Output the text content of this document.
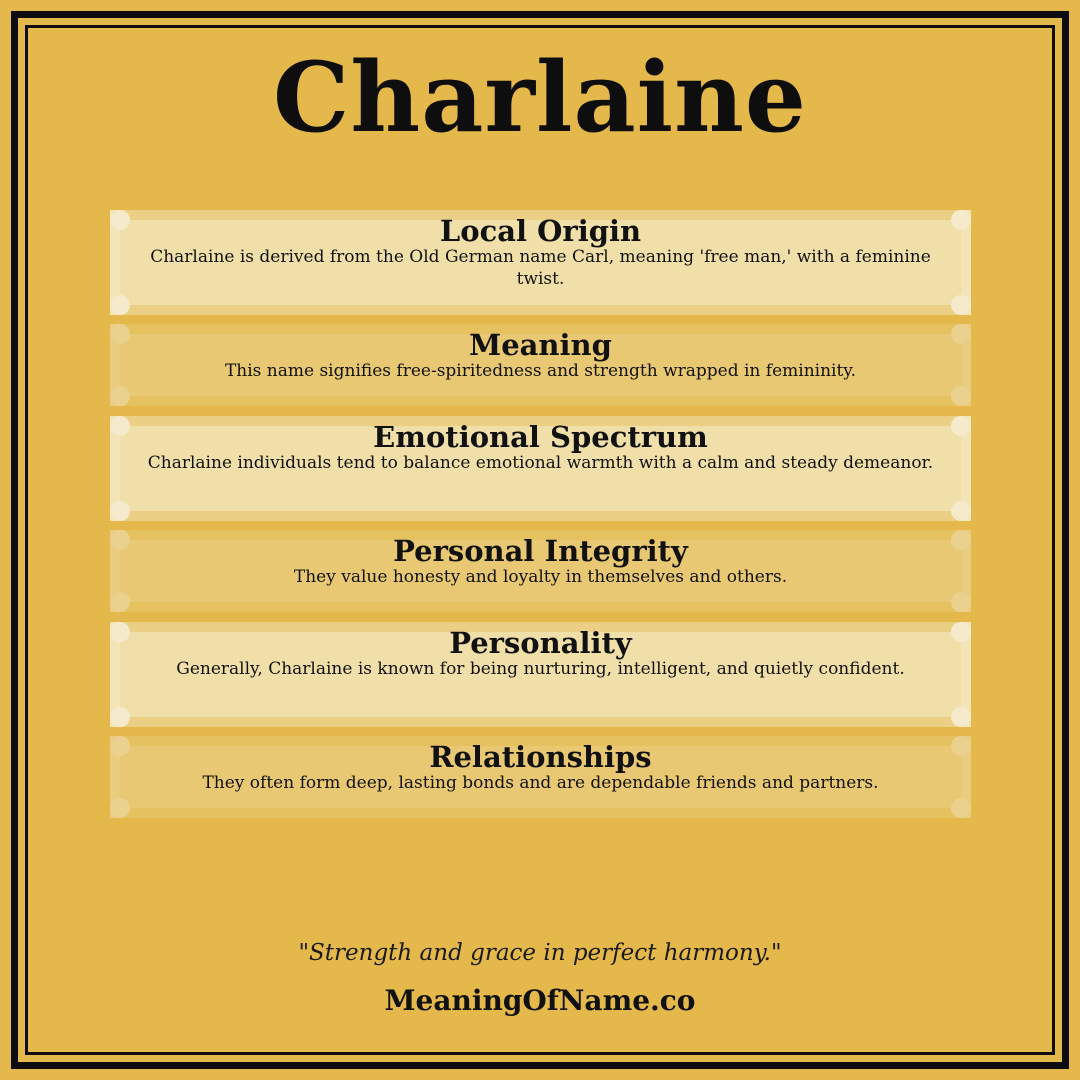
Charlaine
Local Origin

Charlaine is derived from the Old German name Carl, meaning 'free man,' with a feminine twist.

Meaning

This name signifies free-spiritedness and strength wrapped in femininity.

Emotional Spectrum

Charlaine individuals tend to balance emotional warmth with a calm and steady demeanor.

Personal Integrity

They value honesty and loyalty in themselves and others.

Personality

Generally, Charlaine is known for being nurturing, intelligent, and quietly confident.

Relationships

They often form deep, lasting bonds and are dependable friends and partners.

"Strength and grace in perfect harmony."
MeaningOfName.co
